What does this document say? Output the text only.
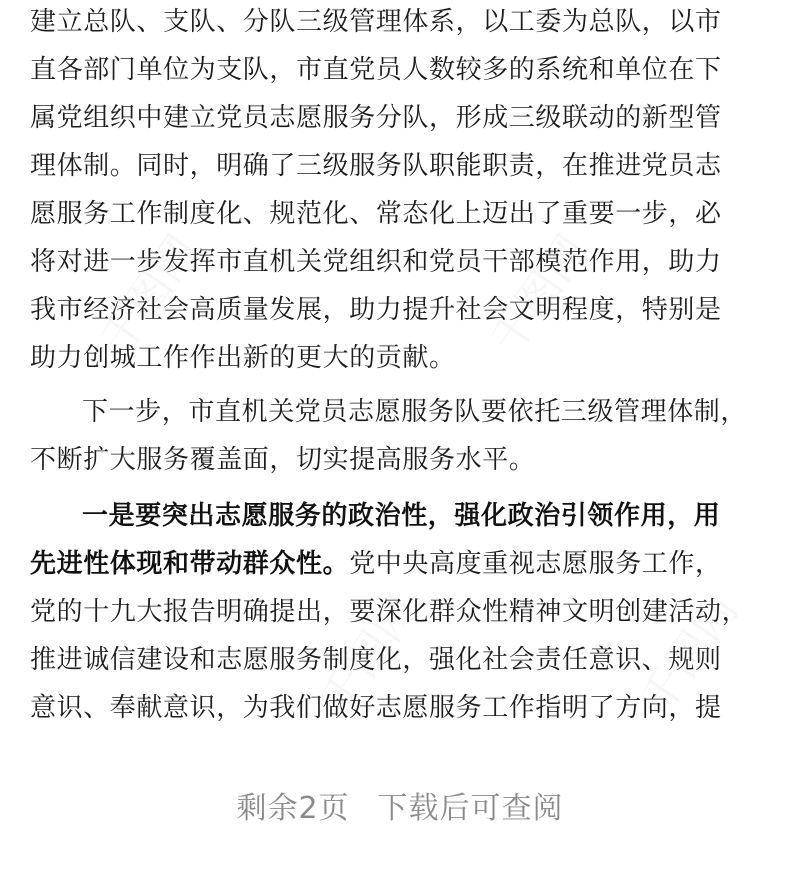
建立总队、支队、分队三级管理体系，以工委为总队，以市
直各部门单位为支队，市直党员人数较多的系统和单位在下
属党组织中建立党员志愿服务分队，形成三级联动的新型管
理体制。同时，明确了三级服务队职能职责，在推进党员志
愿服务工作制度化、规范化、常态化上迈出了重要一步，必
将对进一步发挥市直机关党组织和党员干部模范作用，助力
我市经济社会高质量发展，助力提升社会文明程度，特别是
助力创城工作作出新的更大的贡献。
下一步，市直机关党员志愿服务队要依托三级管理体制，
不断扩大服务覆盖面，切实提高服务水平。
一是要突出志愿服务的政治性，强化政治引领作用，用
先进性体现和带动群众性。党中央高度重视志愿服务工作，
党的十九大报告明确提出，要深化群众性精神文明创建活动，
推进诚信建设和志愿服务制度化，强化社会责任意识、规则
意识、奉献意识，为我们做好志愿服务工作指明了方向，提
剩余2页 下载后可查阅
千图网	千图网
千图网	千图网
